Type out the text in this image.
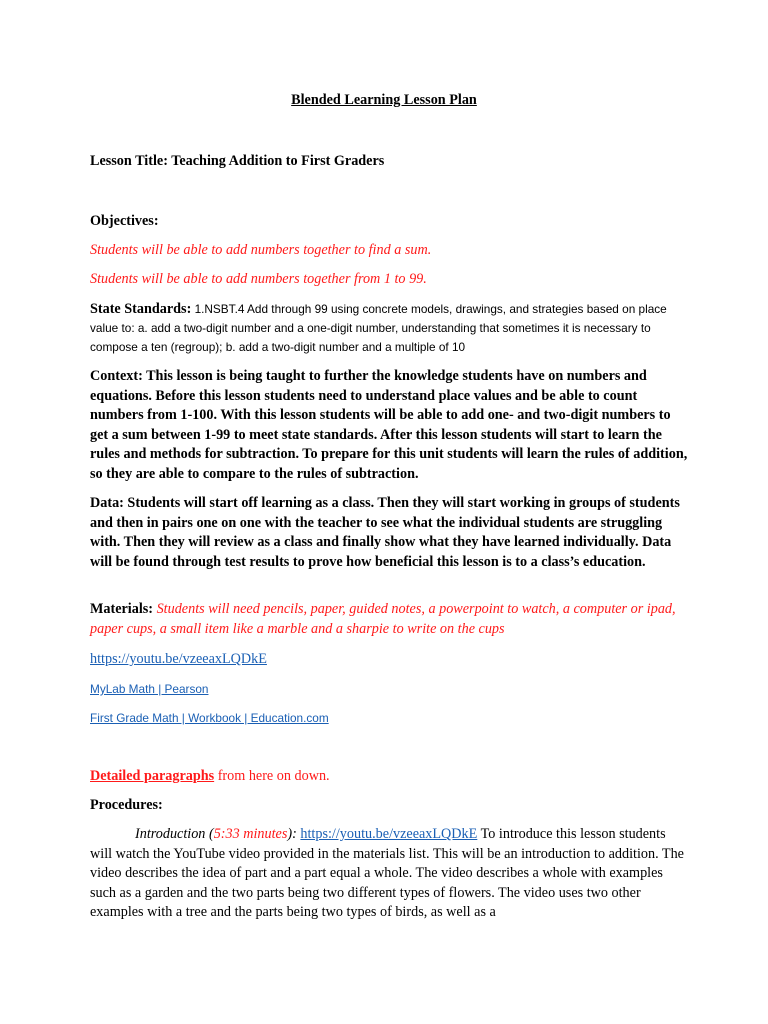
Blended Learning Lesson Plan
Lesson Title: Teaching Addition to First Graders
Objectives:
Students will be able to add numbers together to find a sum.
Students will be able to add numbers together from 1 to 99.
State Standards: 1.NSBT.4 Add through 99 using concrete models, drawings, and strategies based on place value to: a. add a two-digit number and a one-digit number, understanding that sometimes it is necessary to compose a ten (regroup); b. add a two-digit number and a multiple of 10
Context: This lesson is being taught to further the knowledge students have on numbers and equations. Before this lesson students need to understand place values and be able to count numbers from 1-100. With this lesson students will be able to add one- and two-digit numbers to get a sum between 1-99 to meet state standards. After this lesson students will start to learn the rules and methods for subtraction. To prepare for this unit students will learn the rules of addition, so they are able to compare to the rules of subtraction.
Data: Students will start off learning as a class. Then they will start working in groups of students and then in pairs one on one with the teacher to see what the individual students are struggling with. Then they will review as a class and finally show what they have learned individually. Data will be found through test results to prove how beneficial this lesson is to a class’s education.
Materials: Students will need pencils, paper, guided notes, a powerpoint to watch, a computer or ipad, paper cups, a small item like a marble and a sharpie to write on the cups
https://youtu.be/vzeeaxLQDkE
MyLab Math | Pearson
First Grade Math | Workbook | Education.com
Detailed paragraphs from here on down.
Procedures:
Introduction (5:33 minutes): https://youtu.be/vzeeaxLQDkE To introduce this lesson students will watch the YouTube video provided in the materials list. This will be an introduction to addition. The video describes the idea of part and a part equal a whole. The video describes a whole with examples such as a garden and the two parts being two different types of flowers. The video uses two other examples with a tree and the parts being two types of birds, as well as a
